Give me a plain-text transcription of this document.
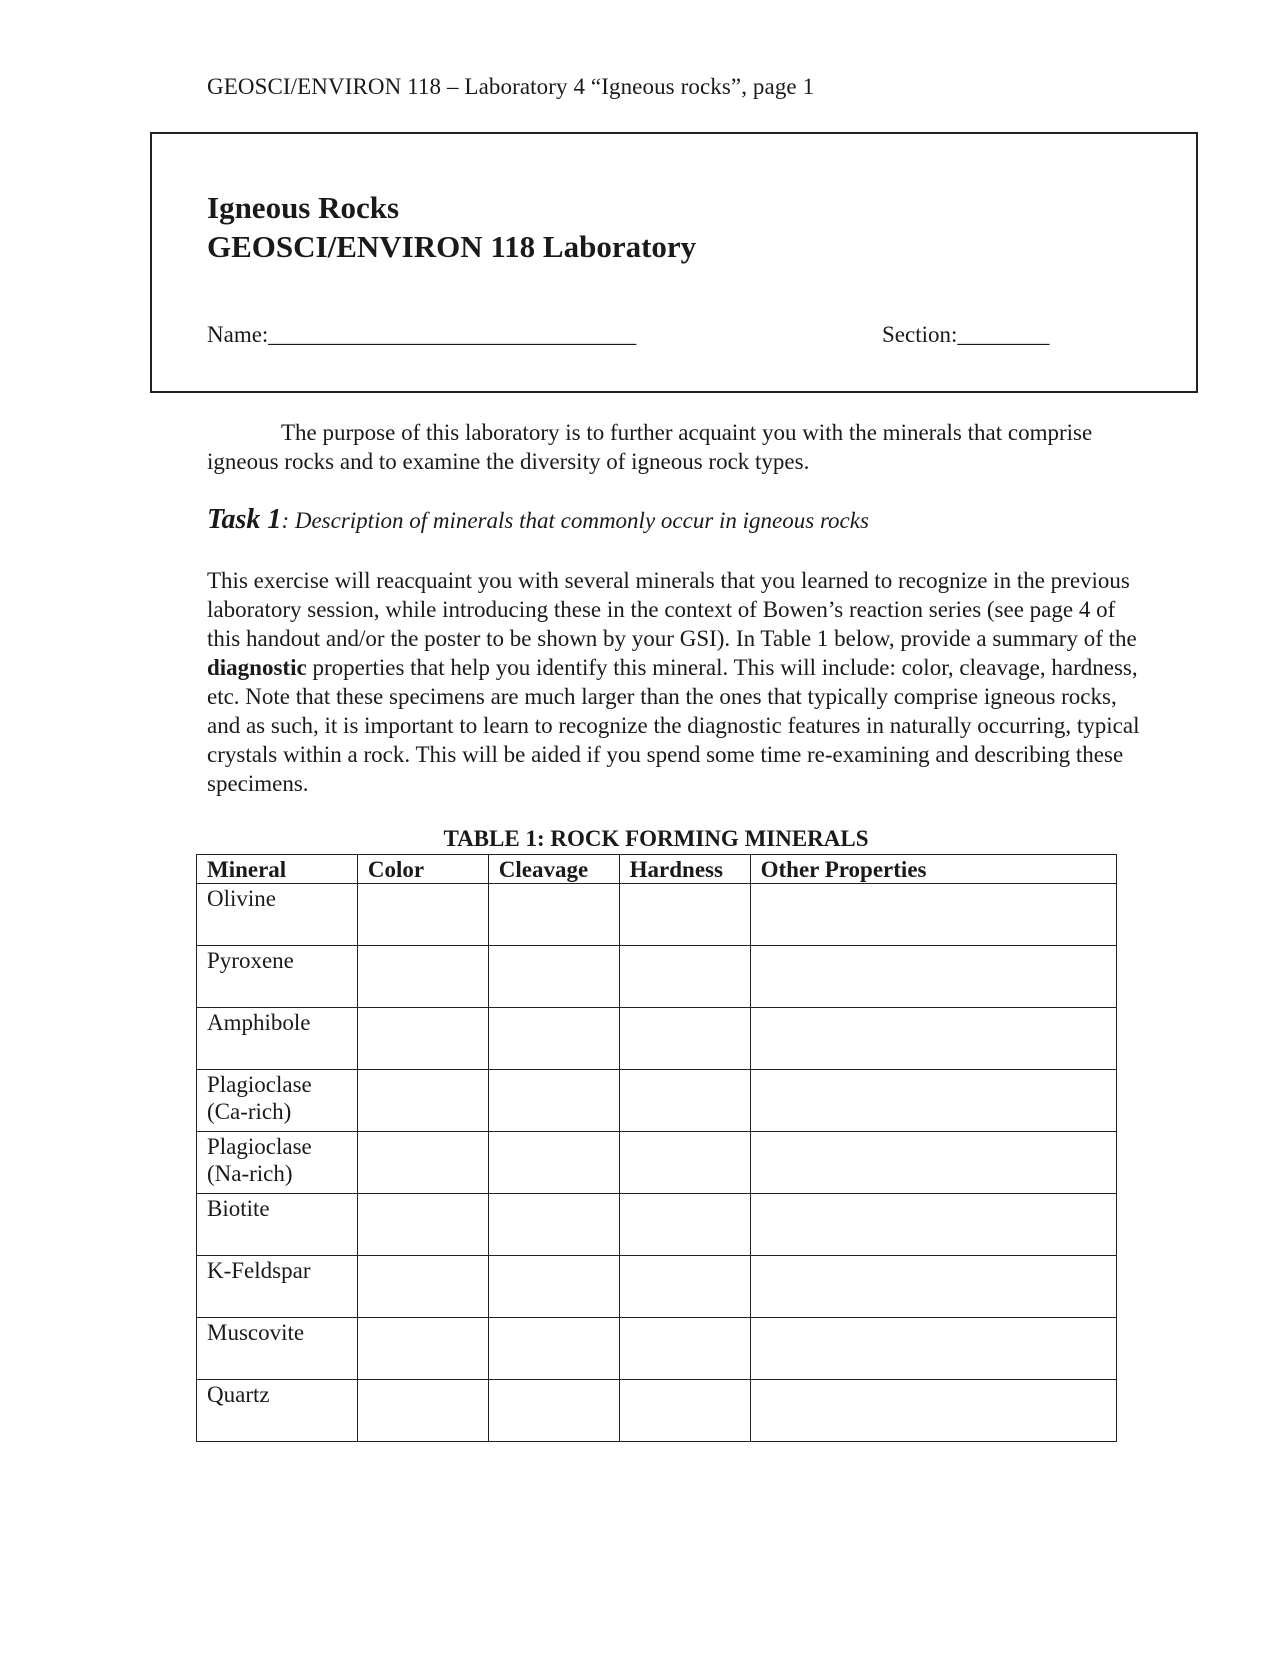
GEOSCI/ENVIRON 118 – Laboratory 4 “Igneous rocks”, page 1
Igneous Rocks
GEOSCI/ENVIRON 118 Laboratory
Name:________________________________	Section:________
The purpose of this laboratory is to further acquaint you with the minerals that comprise igneous rocks and to examine the diversity of igneous rock types.
Task 1: Description of minerals that commonly occur in igneous rocks
This exercise will reacquaint you with several minerals that you learned to recognize in the previous laboratory session, while introducing these in the context of Bowen’s reaction series (see page 4 of this handout and/or the poster to be shown by your GSI). In Table 1 below, provide a summary of the diagnostic properties that help you identify this mineral. This will include: color, cleavage, hardness, etc. Note that these specimens are much larger than the ones that typically comprise igneous rocks, and as such, it is important to learn to recognize the diagnostic features in naturally occurring, typical crystals within a rock. This will be aided if you spend some time re-examining and describing these specimens.
TABLE 1: ROCK FORMING MINERALS
Mineral	Color	Cleavage	Hardness	Other Properties

Olivine				

Pyroxene				

Amphibole				

Plagioclase
(Ca-rich)				

Plagioclase
(Na-rich)				

Biotite				

K-Feldspar				

Muscovite				

Quartz				
